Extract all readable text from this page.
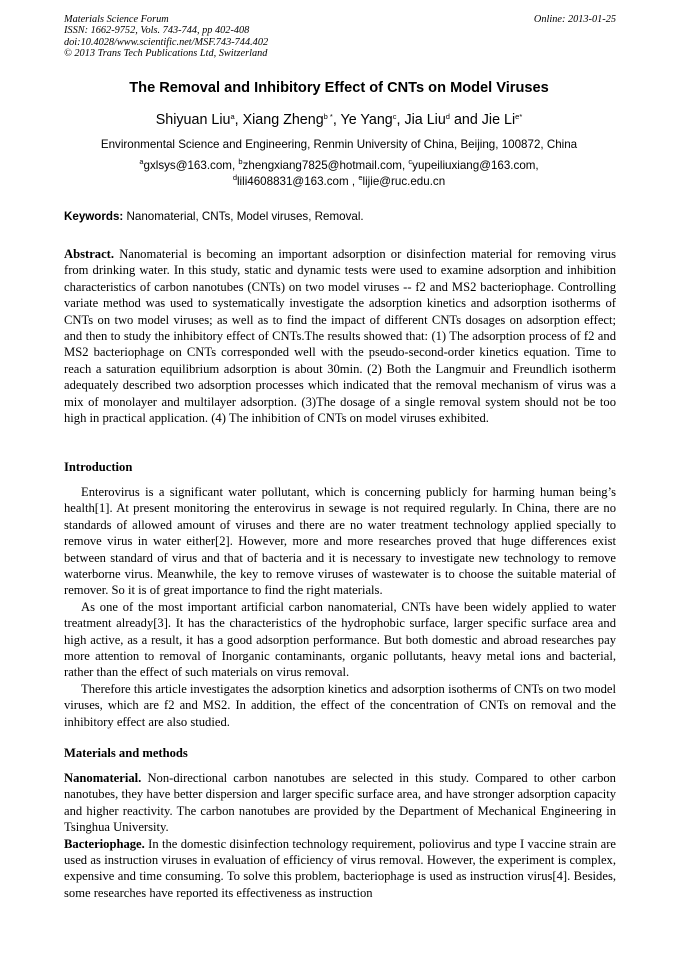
Materials Science Forum
ISSN: 1662-9752, Vols. 743-744, pp 402-408
doi:10.4028/www.scientific.net/MSF.743-744.402
© 2013 Trans Tech Publications Ltd, Switzerland
Online: 2013-01-25
The Removal and Inhibitory Effect of CNTs on Model Viruses
Shiyuan Liu$^a$, Xiang Zheng$^{b *}$, Ye Yang$^c$, Jia Liu$^d$ and Jie $Li^{e*}$
Environmental Science and Engineering, Renmin University of China, Beijing, 100872, China
$^a$gxlsys@163.com, $^b$zhengxiang7825@hotmail.com, $^c$yupeiliuxiang@163.com,
$^d$lili4608831@163.com , $^e$lijie@ruc.edu.cn
Keywords: Nanomaterial, CNTs, Model viruses, Removal.
Abstract. Nanomaterial is becoming an important adsorption or disinfection material for removing virus from drinking water. In this study, static and dynamic tests were used to examine adsorption and inhibition characteristics of carbon nanotubes (CNTs) on two model viruses -- f2 and MS2 bacteriophage. Controlling variate method was used to systematically investigate the adsorption kinetics and adsorption isotherms of CNTs on two model viruses; as well as to find the impact of different CNTs dosages on adsorption effect; and then to study the inhibitory effect of CNTs.The results showed that: (1) The adsorption process of f2 and MS2 bacteriophage on CNTs corresponded well with the pseudo-second-order kinetics equation. Time to reach a saturation equilibrium adsorption is about 30min. (2) Both the Langmuir and Freundlich isotherm adequately described two adsorption processes which indicated that the removal mechanism of virus was a mix of monolayer and multilayer adsorption. (3)The dosage of a single removal system should not be too high in practical application. (4) The inhibition of CNTs on model viruses exhibited.
Introduction

Enterovirus is a significant water pollutant, which is concerning publicly for harming human being’s health[1]. At present monitoring the enterovirus in sewage is not required regularly. In China, there are no standards of allowed amount of viruses and there are no water treatment technology applied specially to remove virus in water either[2]. However, more and more researches proved that huge differences exist between standard of virus and that of bacteria and it is necessary to investigate new technology to remove waterborne virus. Meanwhile, the key to remove viruses of wastewater is to choose the suitable material of remover. So it is of great importance to find the right materials.

As one of the most important artificial carbon nanomaterial, CNTs have been widely applied to water treatment already[3]. It has the characteristics of the hydrophobic surface, larger specific surface area and high active, as a result, it has a good adsorption performance. But both domestic and abroad researches pay more attention to removal of Inorganic contaminants, organic pollutants, heavy metal ions and bacterial, rather than the effect of such materials on virus removal.

Therefore this article investigates the adsorption kinetics and adsorption isotherms of CNTs on two model viruses, which are f2 and MS2. In addition, the effect of the concentration of CNTs on removal and the inhibitory effect are also studied.

Materials and methods

Nanomaterial. Non-directional carbon nanotubes are selected in this study. Compared to other carbon nanotubes, they have better dispersion and larger specific surface area, and have stronger adsorption capacity and higher reactivity. The carbon nanotubes are provided by the Department of Mechanical Engineering in Tsinghua University.

Bacteriophage. In the domestic disinfection technology requirement, poliovirus and type I vaccine strain are used as instruction viruses in evaluation of efficiency of virus removal. However, the experiment is complex, expensive and time consuming. To solve this problem, bacteriophage is used as instruction virus[4]. Besides, some researches have reported its effectiveness as instruction
